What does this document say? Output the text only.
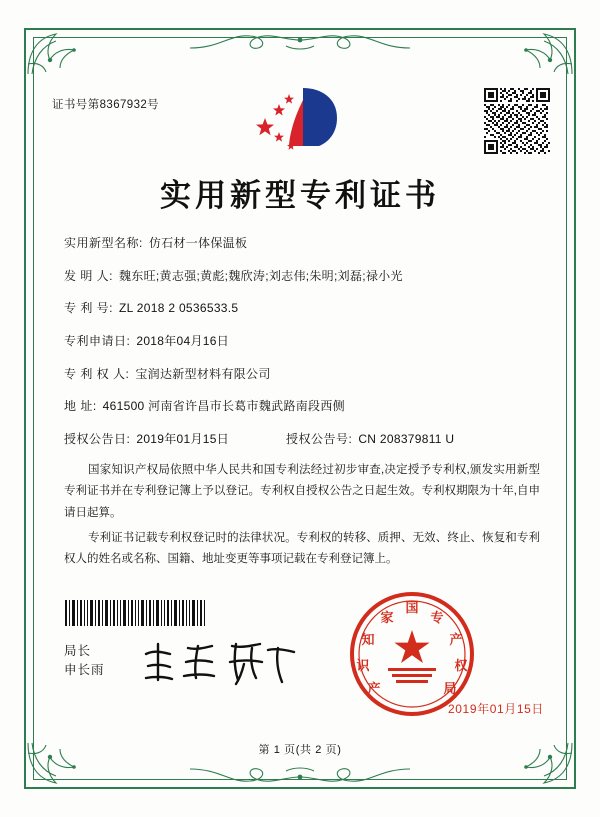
证书号第8367932号
实用新型专利证书
实用新型名称: 仿石材一体保温板
发 明 人: 魏东旺;黄志强;黄彪;魏欣涛;刘志伟;朱明;刘磊;禄小光
专 利 号: ZL 2018 2 0536533.5
专利申请日: 2018年04月16日
专 利 权 人: 宝润达新型材料有限公司
地 址: 461500 河南省许昌市长葛市魏武路南段西侧
授权公告日: 2019年01月15日	授权公告号: CN 208379811 U

国家知识产权局依照中华人民共和国专利法经过初步审查,决定授予专利权,颁发实用新型专利证书并在专利登记簿上予以登记。专利权自授权公告之日起生效。专利权期限为十年,自申请日起算。

专利证书记载专利权登记时的法律状况。专利权的转移、质押、无效、终止、恢复和专利权人的姓名或名称、国籍、地址变更等事项记载在专利登记簿上。

局长
申长雨
国
家
知
识
产	局
权
产
专
2019年01月15日
第 1 页(共 2 页)
